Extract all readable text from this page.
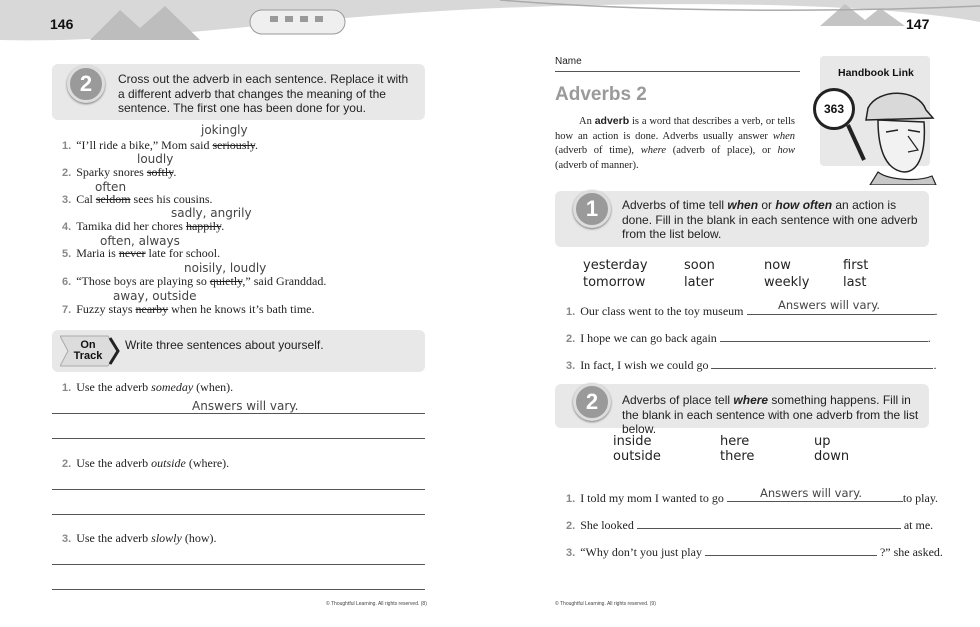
146	147
2	Cross out the adverb in each sentence. Replace it with a different adverb that changes the meaning of the sentence. The first one has been done for you.
1. “I’ll ride a bike,” Mom said seriously.
jokingly
2. Sparky snores softly.
loudly
3. Cal seldom sees his cousins.
often
4. Tamika did her chores happily.
sadly, angrily
5. Maria is never late for school.
often, always
6. “Those boys are playing so quietly,” said Granddad.
noisily, loudly
7. Fuzzy stays nearby when he knows it’s bath time.
away, outside
On
Track
Write three sentences about yourself.
1. Use the adverb someday (when).
Answers will vary.
2. Use the adverb outside (where).
3. Use the adverb slowly (how).
© Thoughtful Learning. All rights reserved. (8)
Name
Adverbs 2
An adverb is a word that describes a verb, or tells how an action is done. Adverbs usually answer when (adverb of time), where (adverb of place), or how (adverb of manner).
Handbook Link
363
1	Adverbs of time tell when or how often an action is done. Fill in the blank in each sentence with one adverb from the list below.
yesterday	soon	now	first
tomorrow	later	weekly	last
1. Our class went to the toy museum	.
Answers will vary.
2. I hope we can go back again	.
3. In fact, I wish we could go	.
2	Adverbs of place tell where something happens. Fill in the blank in each sentence with one adverb from the list below.
inside	here	up
outside	there	down
1. I told my mom I wanted to go	to play.
Answers will vary.
2. She looked	at me.
3. “Why don’t you just play	?” she asked.
© Thoughtful Learning. All rights reserved. (9)
